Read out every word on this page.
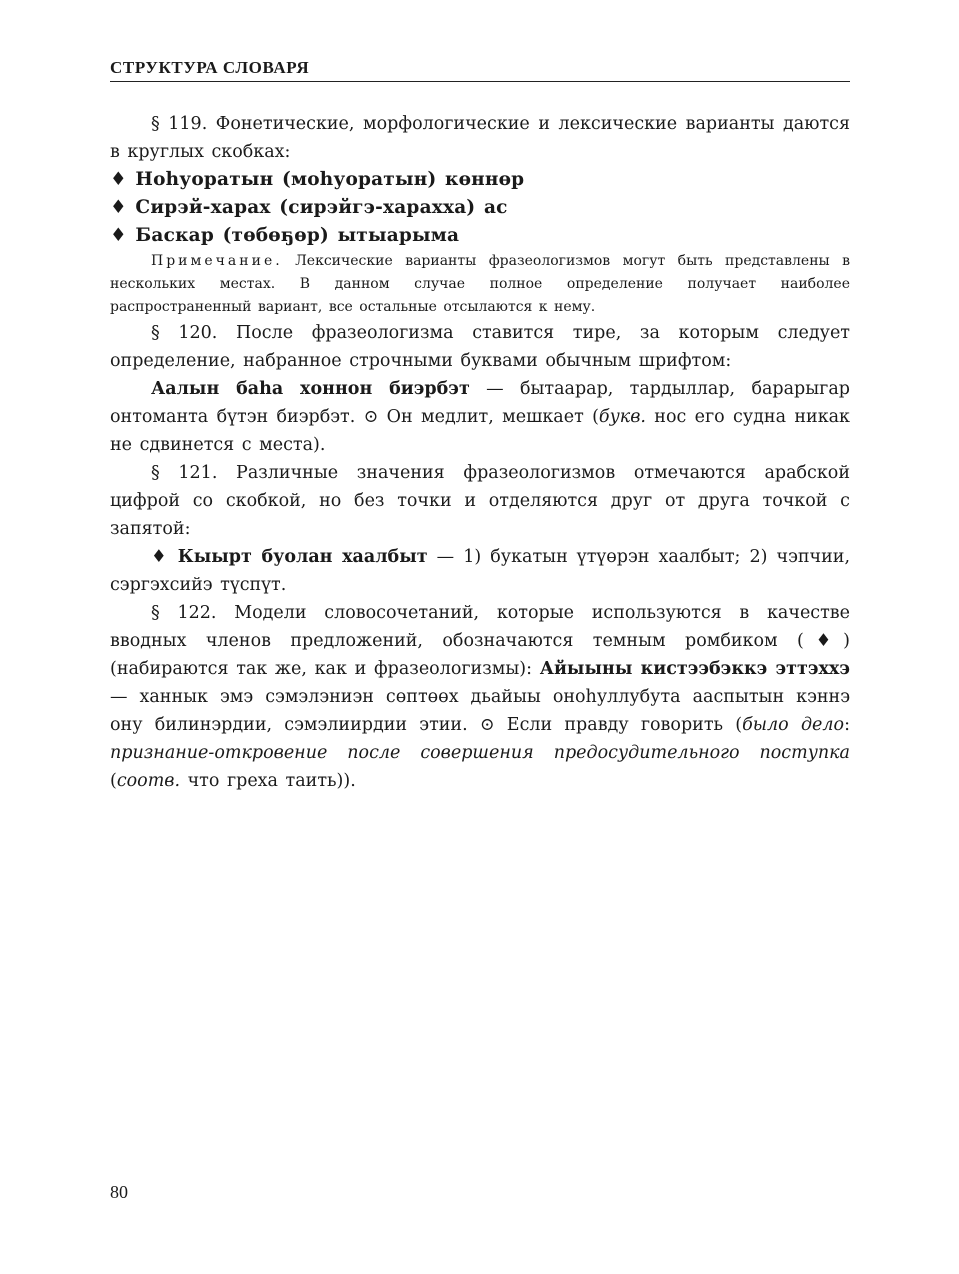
СТРУКТУРА СЛОВАРЯ

§ 119. Фонетические, морфологические и лексические варианты даются в круглых скобках:

♦ Ноһуоратын (моһуоратын) көннөр

♦ Сирэй-харах (сирэйгэ-харахха) ас

♦ Баскар (төбөҕөр) ытыарыма

Примечание. Лексические варианты фразеологизмов могут быть представлены в нескольких местах. В данном случае полное определение получает наиболее распространенный вариант, все остальные отсылаются к нему.

§ 120. После фразеологизма ставится тире, за которым следует определение, набранное строчными буквами обычным шрифтом:

Аалын баһа хоннон биэрбэт — бытаарар, тардыллар, бaрарыгар онтоманта бүтэн биэрбэт. ⊙ Он медлит, мешкает (букв. нос его судна никак не сдвинется с места).

§ 121. Различные значения фразеологизмов отмечаются арабской цифрой со скобкой, но без точки и отделяются друг от друга точкой с запятой:

♦ Кыырт буолан хаалбыт — 1) букатын үтүөрэн хаалбыт; 2) чэпчии, сэргэхсийэ түспүт.

§ 122. Модели словосочетаний, которые используются в качестве вводных членов предложений, обозначаются темным ромбиком (♦) (набираются так же, как и фразеологизмы): Айыыны кистээбэккэ эттэххэ — ханнык эмэ сэмэлэниэн сөптөөх дьайыы оноһуллубута ааспытын кэннэ ону билинэрдии, сэмэлиирдии этии. ⊙ Если правду говорить (было дело: признание-откровение после совершения предосудительного поступка (соотв. что греха таить)).

80
